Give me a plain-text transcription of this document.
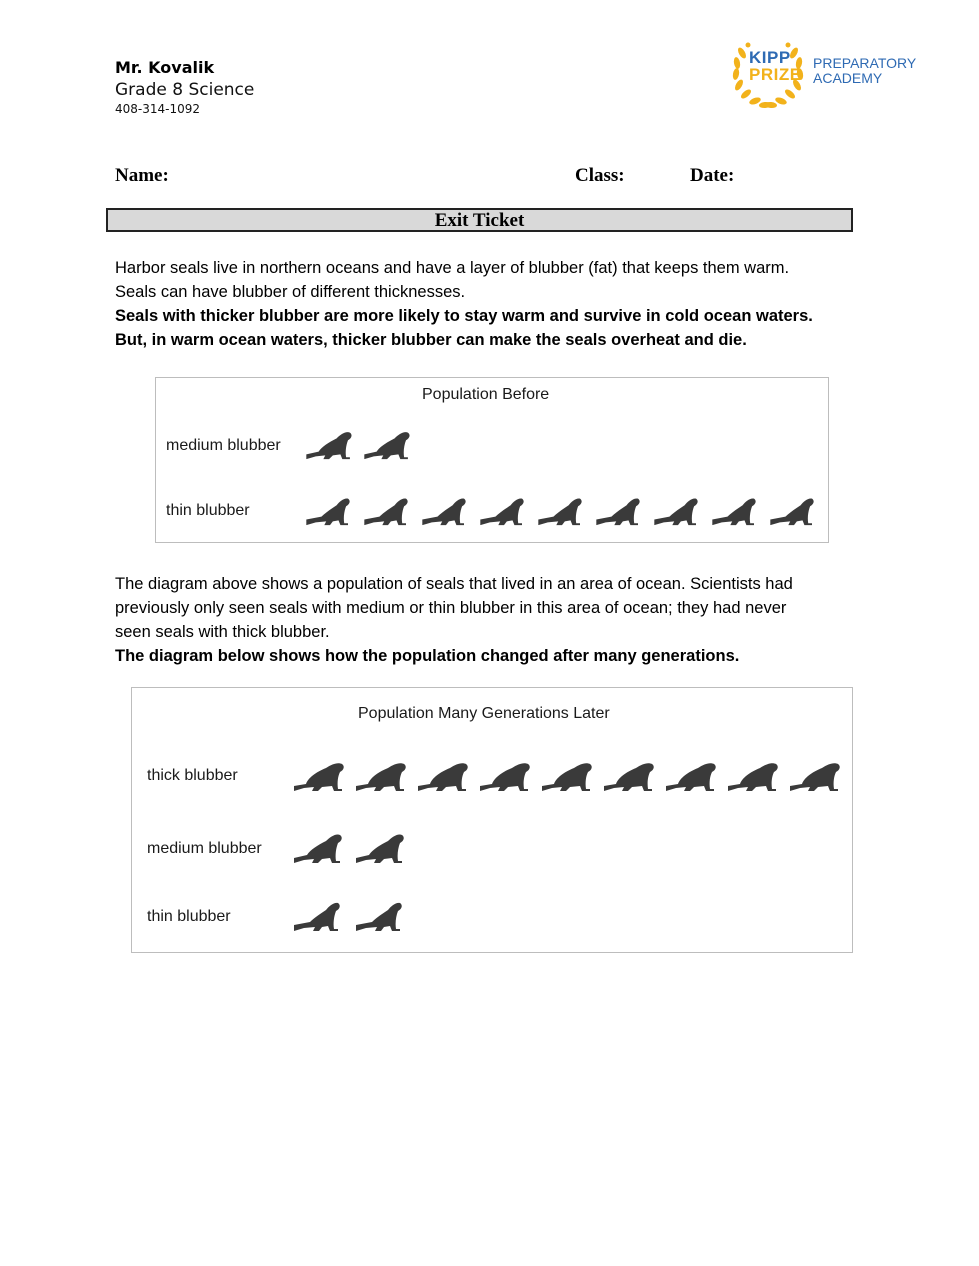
Mr. Kovalik
Grade 8 Science
408-314-1092
KIPP
PRIZE
PREPARATORY
ACADEMY
Name:	Class:	Date:
Exit Ticket

Harbor seals live in northern oceans and have a layer of blubber (fat) that keeps them warm.

Seals can have blubber of different thicknesses.

Seals with thicker blubber are more likely to stay warm and survive in cold ocean waters.

But, in warm ocean waters, thicker blubber can make the seals overheat and die.

Population Before
medium blubber
thin blubber

The diagram above shows a population of seals that lived in an area of ocean. Scientists had

previously only seen seals with medium or thin blubber in this area of ocean; they had never

seen seals with thick blubber.

The diagram below shows how the population changed after many generations.

Population Many Generations Later
thick blubber
medium blubber
thin blubber
